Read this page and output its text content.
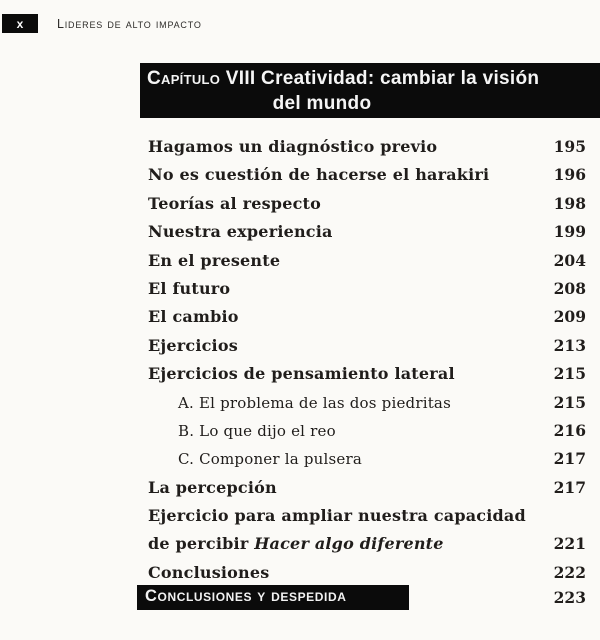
x	Lideres de alto impacto
Capítulo VIII Creatividad: cambiar la visión
del mundo
Hagamos un diagnóstico previo	195
No es cuestión de hacerse el harakiri	196
Teorías al respecto	198
Nuestra experiencia	199
En el presente	204
El futuro	208
El cambio	209
Ejercicios	213
Ejercicios de pensamiento lateral	215
A. El problema de las dos piedritas	215
B. Lo que dijo el reo	216
C. Componer la pulsera	217
La percepción	217
Ejercicio para ampliar nuestra capacidad
de percibir Hacer algo diferente	221
Conclusiones	222
Conclusiones y despedida	223
